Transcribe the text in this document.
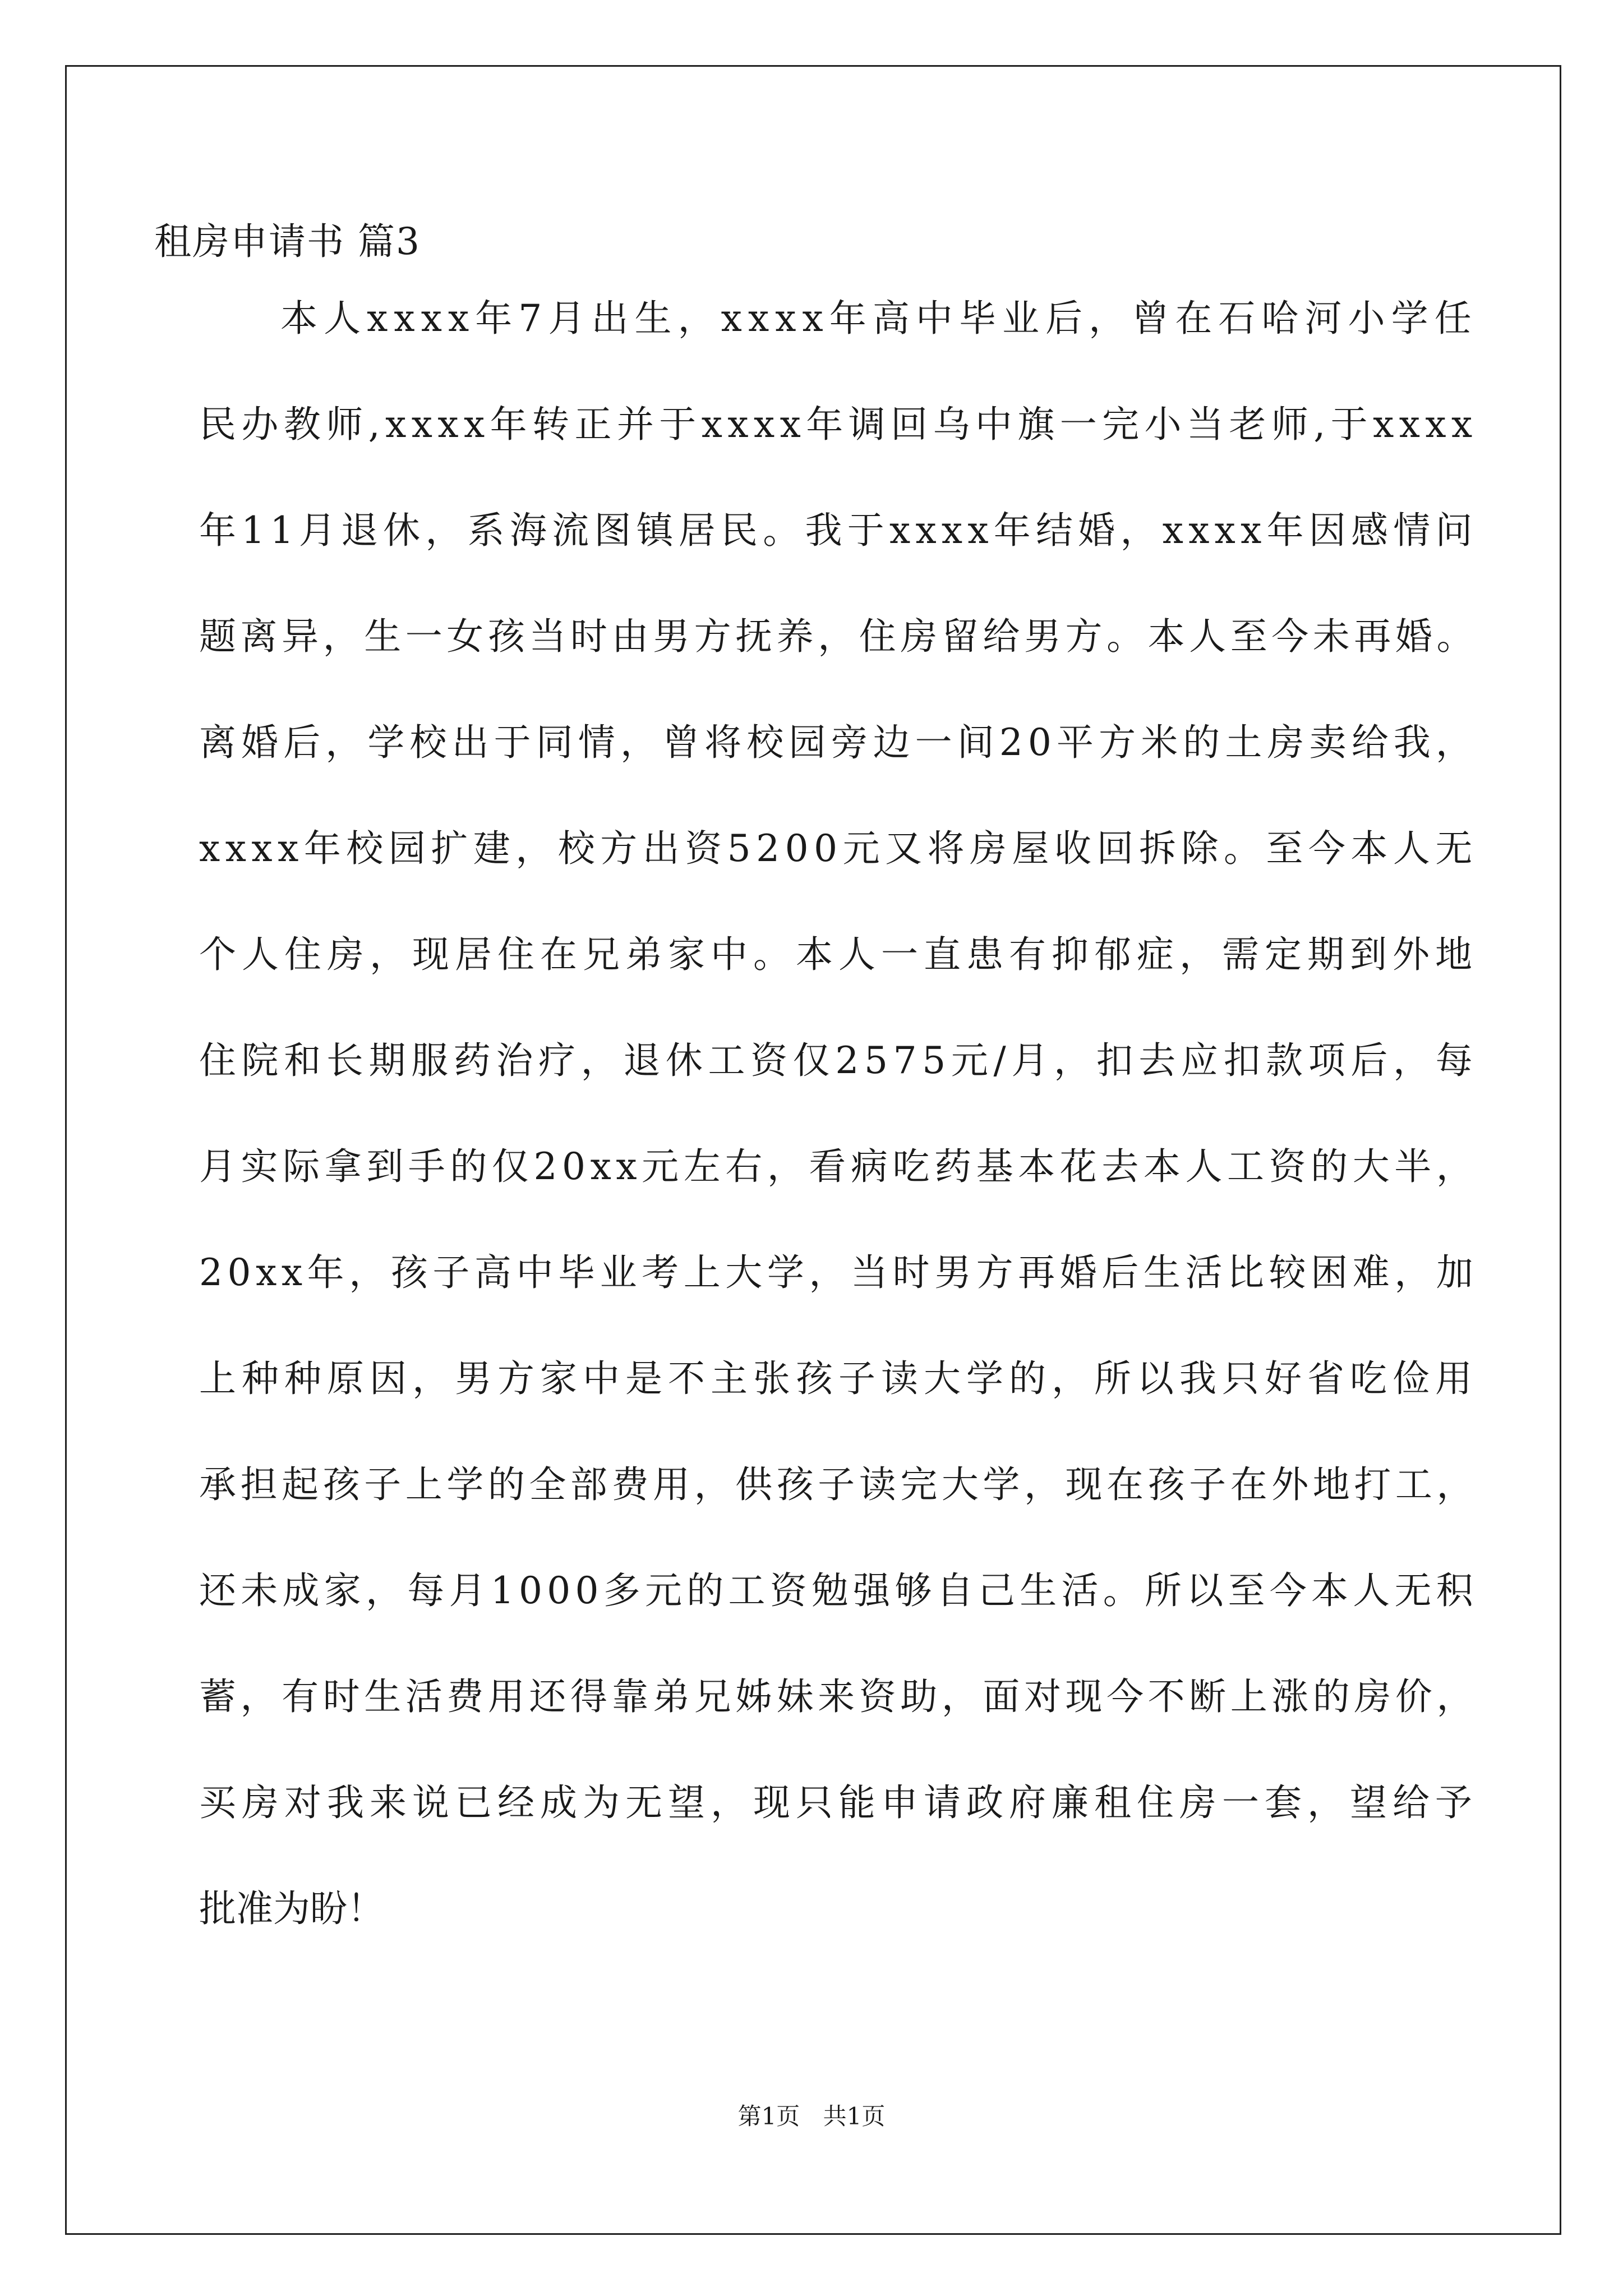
租房申请书 篇3
本人xxxx年7月出生，xxxx年高中毕业后，曾在石哈河小学任
民办教师,xxxx年转正并于xxxx年调回乌中旗一完小当老师,于xxxx
年11月退休，系海流图镇居民。我于xxxx年结婚，xxxx年因感情问
题离异，生一女孩当时由男方抚养，住房留给男方。本人至今未再婚。
离婚后，学校出于同情，曾将校园旁边一间20平方米的土房卖给我，
xxxx年校园扩建，校方出资5200元又将房屋收回拆除。至今本人无
个人住房，现居住在兄弟家中。本人一直患有抑郁症，需定期到外地
住院和长期服药治疗，退休工资仅2575元/月，扣去应扣款项后，每
月实际拿到手的仅20xx元左右，看病吃药基本花去本人工资的大半，
20xx年，孩子高中毕业考上大学，当时男方再婚后生活比较困难，加
上种种原因，男方家中是不主张孩子读大学的，所以我只好省吃俭用
承担起孩子上学的全部费用，供孩子读完大学，现在孩子在外地打工，
还未成家，每月1000多元的工资勉强够自己生活。所以至今本人无积
蓄，有时生活费用还得靠弟兄姊妹来资助，面对现今不断上涨的房价，
买房对我来说已经成为无望，现只能申请政府廉租住房一套，望给予
批准为盼！
第1页 共1页
